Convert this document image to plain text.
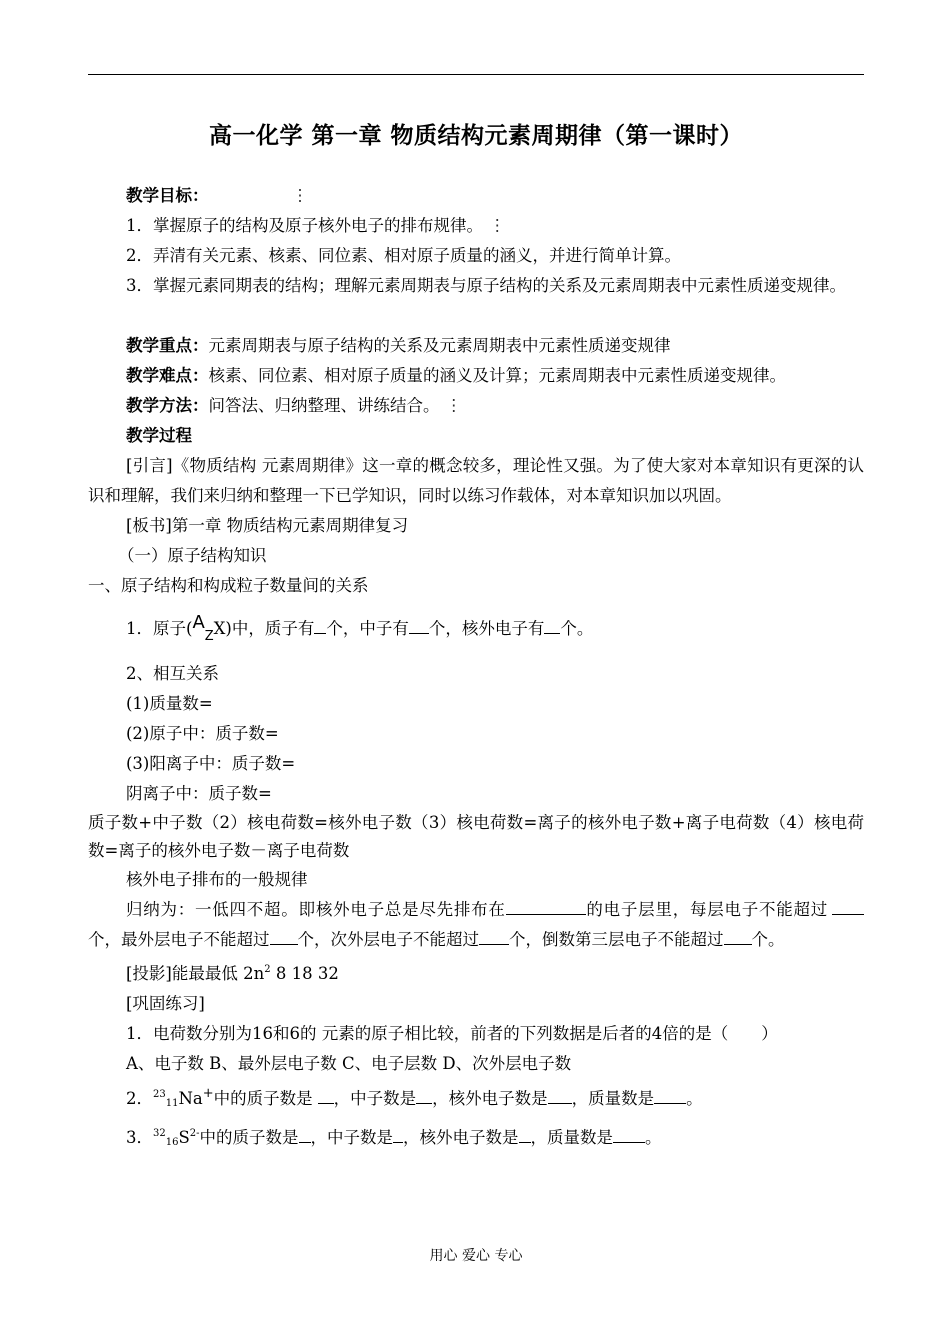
高一化学 第一章 物质结构元素周期律（第一课时）

教学目标：	⋮

1．掌握原子的结构及原子核外电子的排布规律。 ⋮

2．弄清有关元素、核素、同位素、相对原子质量的涵义，并进行简单计算。

3．掌握元素同期表的结构；理解元素周期表与原子结构的关系及元素周期表中元素性质递变规律。

教学重点：元素周期表与原子结构的关系及元素周期表中元素性质递变规律

教学难点：核素、同位素、相对原子质量的涵义及计算；元素周期表中元素性质递变规律。

教学方法：问答法、归纳整理、讲练结合。 ⋮

教学过程

[引言]《物质结构 元素周期律》这一章的概念较多，理论性又强。为了使大家对本章知识有更深的认识和理解，我们来归纳和整理一下已学知识，同时以练习作载体，对本章知识加以巩固。

[板书]第一章 物质结构元素周期律复习

（一）原子结构知识

一、原子结构和构成粒子数量间的关系

1．原子$(A_ZX)$中，质子有 个，中子有 个，核外电子有 个。

2、相互关系

(1)质量数=

(2)原子中：质子数=

(3)阳离子中：质子数=

阴离子中：质子数=

质子数+中子数（2）核电荷数=核外电子数（3）核电荷数=离子的核外电子数+离子电荷数（4）核电荷数=离子的核外电子数－离子电荷数

核外电子排布的一般规律

归纳为：一低四不超。即核外电子总是尽先排布在	的电子层里，每层电子不能超过个，最外层电子不能超过 个，次外层电子不能超过 个，倒数第三层电子不能超过 个。

[投影]能最最低 $2n^2$ 8 18 32

[巩固练习]

1．电荷数分别为16和6的 元素的原子相比较，前者的下列数据是后者的4倍的是（　　）

A、电子数 B、最外层电子数 C、电子层数 D、次外层电子数

2．$^{23}_{11}$Na+中的质子数是 ，中子数是 ，核外电子数是 ，质量数是 。

3．$^{32}_{16}S^{2-}$中的质子数是 ，中子数是 ，核外电子数是 ，质量数是 。

用心 爱心 专心
